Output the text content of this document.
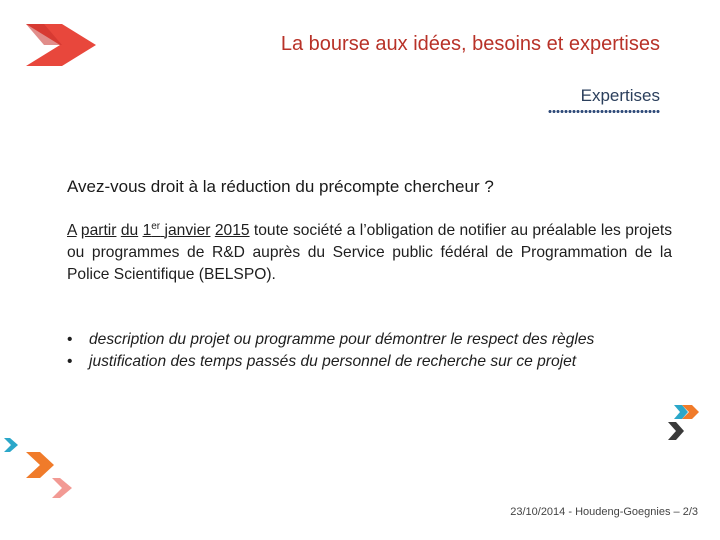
La bourse aux idées, besoins et expertises
Expertises
Avez-vous droit à la réduction du précompte chercheur ?
A partir du 1er janvier 2015 toute société a l’obligation de notifier au préalable les projets ou programmes de R&D auprès du Service public fédéral de Programmation de la Police Scientifique (BELSPO).
• description du projet ou programme pour démontrer le respect des règles
• justification des temps passés du personnel de recherche sur ce projet
23/10/2014 - Houdeng-Goegnies – 2/3
